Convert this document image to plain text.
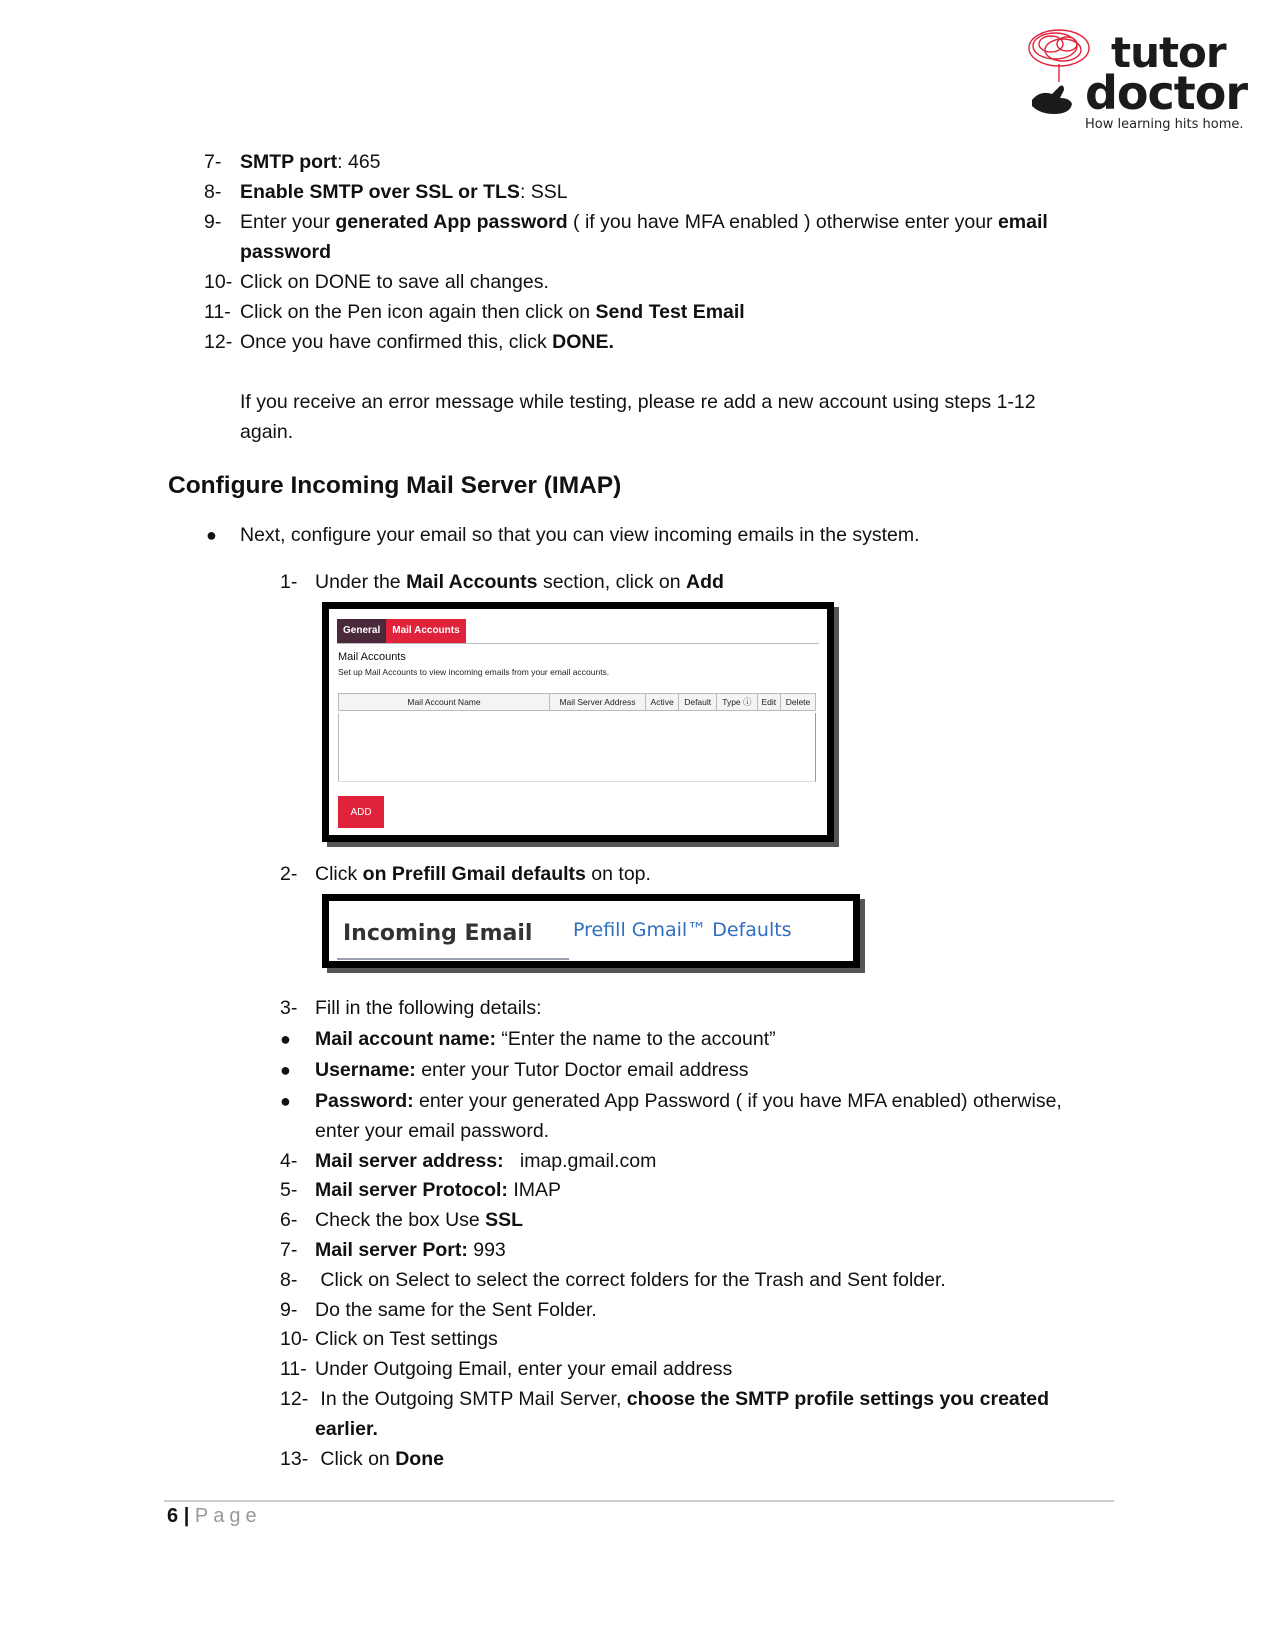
tutor
doctor
How learning hits home.
7- SMTP port: 465
8- Enable SMTP over SSL or TLS: SSL
9- Enter your generated App password ( if you have MFA enabled ) otherwise enter your email
password
10- Click on DONE to save all changes.
11- Click on the Pen icon again then click on Send Test Email
12- Once you have confirmed this, click DONE.
If you receive an error message while testing, please re add a new account using steps 1-12
again.
Configure Incoming Mail Server (IMAP)
● Next, configure your email so that you can view incoming emails in the system.
1- Under the Mail Accounts section, click on Add
General	Mail Accounts
Mail Accounts
Set up Mail Accounts to view incoming emails from your email accounts.
Mail Account Name	Mail Server Address	Active	Default	Type ⓘ	Edit	Delete
ADD
2- Click on Prefill Gmail defaults on top.
Incoming Email Prefill Gmail™ Defaults
3- Fill in the following details:
● Mail account name: “Enter the name to the account”
● Username: enter your Tutor Doctor email address
● Password: enter your generated App Password ( if you have MFA enabled) otherwise,
enter your email password.
4- Mail server address:   imap.gmail.com
5- Mail server Protocol: IMAP
6- Check the box Use SSL
7- Mail server Port: 993
8- Click on Select to select the correct folders for the Trash and Sent folder.
9- Do the same for the Sent Folder.
10- Click on Test settings
11- Under Outgoing Email, enter your email address
12- In the Outgoing SMTP Mail Server, choose the SMTP profile settings you created
earlier.
13- Click on Done
6 | Page
